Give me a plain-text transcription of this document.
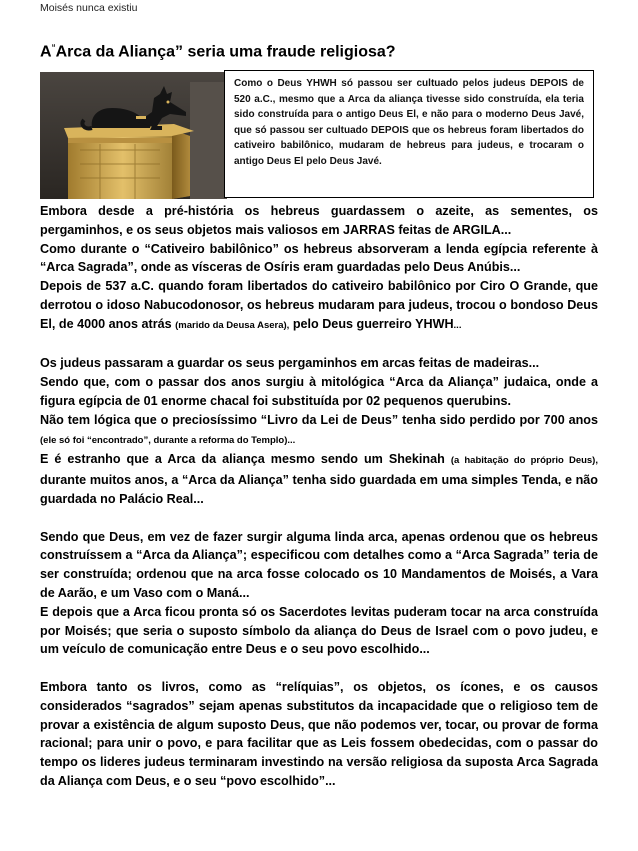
Moisés nunca existiu
A“Arca da Aliança” seria uma fraude religiosa?
Como o Deus YHWH só passou ser cultuado pelos judeus DEPOIS de 520 a.C., mesmo que a Arca da aliança tivesse sido construída, ela teria sido construída para o antigo Deus El, e não para o moderno Deus Javé, que só passou ser cultuado DEPOIS que os hebreus foram libertados do cativeiro babilônico, mudaram de hebreus para judeus, e trocaram o antigo Deus El pelo Deus Javé.

Embora desde a pré-história os hebreus guardassem o azeite, as sementes, os pergaminhos, e os seus objetos mais valiosos em JARRAS feitas de ARGILA...

Como durante o “Cativeiro babilônico” os hebreus absorveram a lenda egípcia referente à “Arca Sagrada”, onde as vísceras de Osíris eram guardadas pelo Deus Anúbis...

Depois de 537 a.C. quando foram libertados do cativeiro babilônico por Ciro O Grande, que derrotou o idoso Nabucodonosor, os hebreus mudaram para judeus, trocou o bondoso Deus El, de 4000 anos atrás (marido da Deusa Asera), pelo Deus guerreiro YHWH...

Os judeus passaram a guardar os seus pergaminhos em arcas feitas de madeiras...

Sendo que, com o passar dos anos surgiu à mitológica “Arca da Aliança” judaica, onde a figura egípcia de 01 enorme chacal foi substituída por 02 pequenos querubins.

Não tem lógica que o preciosíssimo “Livro da Lei de Deus” tenha sido perdido por 700 anos (ele só foi “encontrado”, durante a reforma do Templo)...

E é estranho que a Arca da aliança mesmo sendo um Shekinah (a habitação do próprio Deus), durante muitos anos, a “Arca da Aliança” tenha sido guardada em uma simples Tenda, e não guardada no Palácio Real...

Sendo que Deus, em vez de fazer surgir alguma linda arca, apenas ordenou que os hebreus construíssem a “Arca da Aliança”; especificou com detalhes como a “Arca Sagrada” teria de ser construída; ordenou que na arca fosse colocado os 10 Mandamentos de Moisés, a Vara de Aarão, e um Vaso com o Maná...

E depois que a Arca ficou pronta só os Sacerdotes levitas puderam tocar na arca construída por Moisés; que seria o suposto símbolo da aliança do Deus de Israel com o povo judeu, e um veículo de comunicação entre Deus e o seu povo escolhido...

Embora tanto os livros, como as “relíquias”, os objetos, os ícones, e os causos considerados “sagrados” sejam apenas substitutos da incapacidade que o religioso tem de provar a existência de algum suposto Deus, que não podemos ver, tocar, ou provar de forma racional; para unir o povo, e para facilitar que as Leis fossem obedecidas, com o passar do tempo os lideres judeus terminaram investindo na versão religiosa da suposta Arca Sagrada da Aliança com Deus, e o seu “povo escolhido”...
